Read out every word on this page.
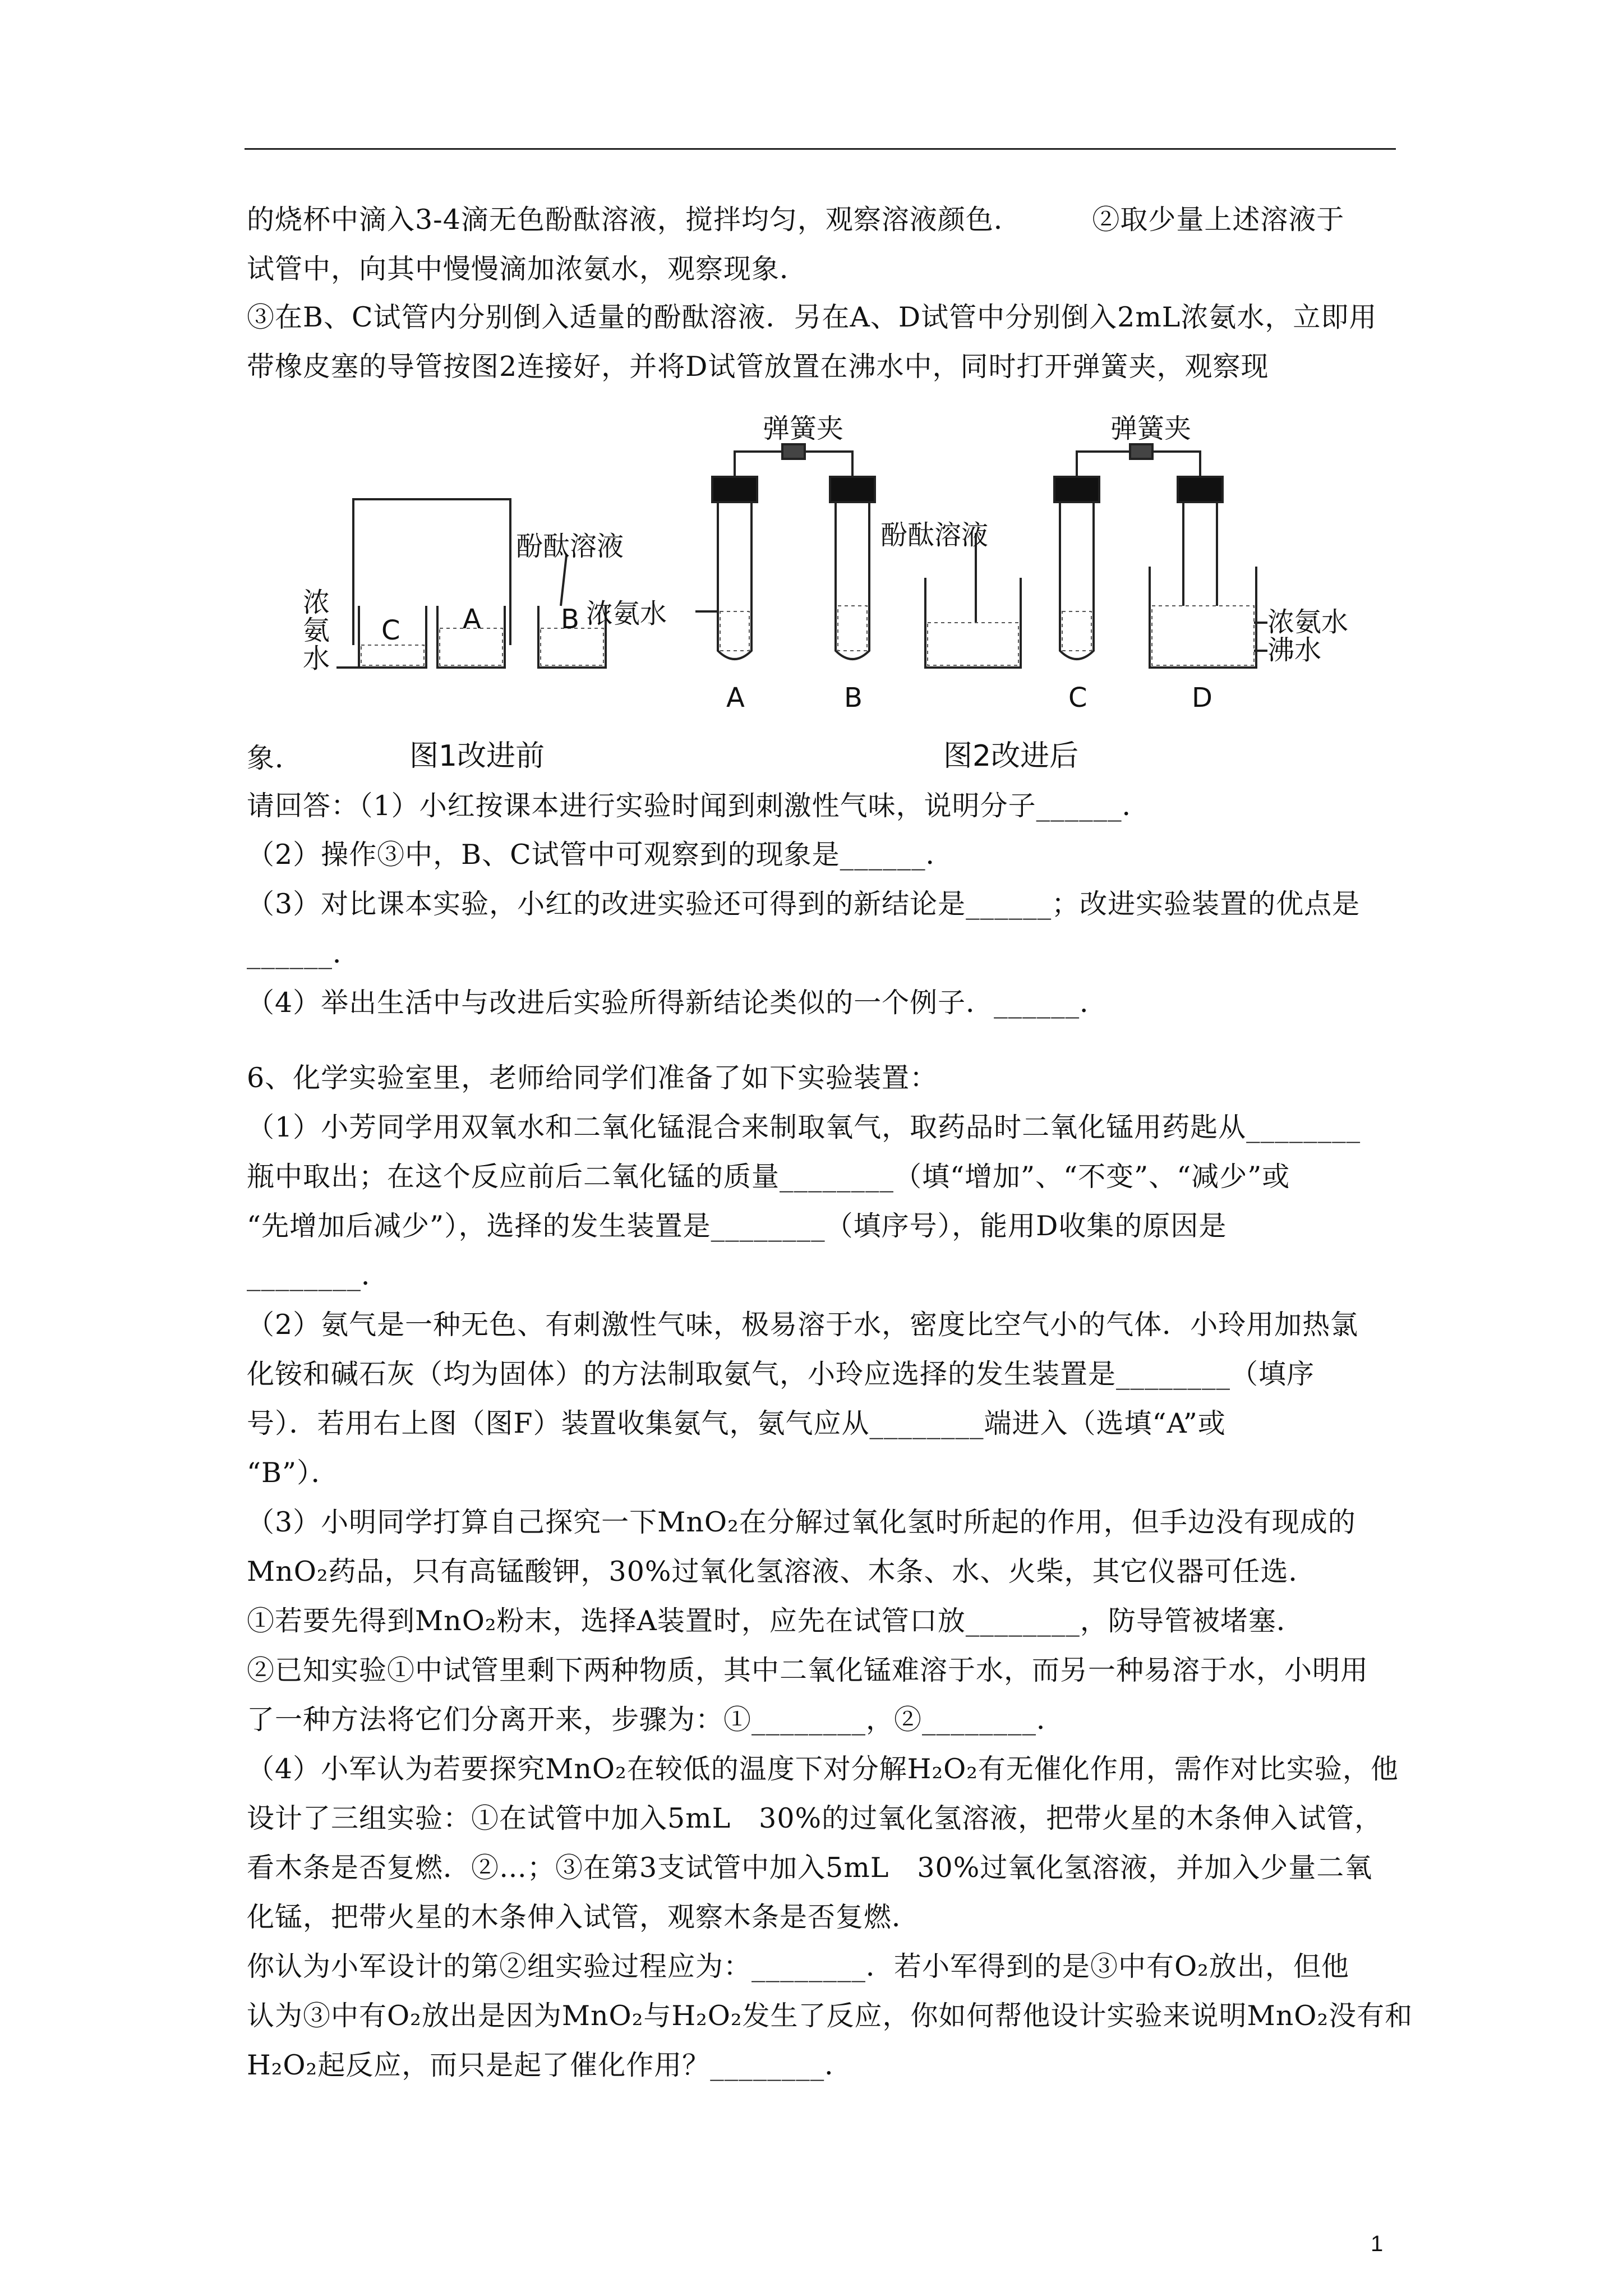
的烧杯中滴入3-4滴无色酚酞溶液，搅拌均匀，观察溶液颜色．　　　②取少量上述溶液于
试管中，向其中慢慢滴加浓氨水，观察现象．
③在B、C试管内分别倒入适量的酚酞溶液．另在A、D试管中分别倒入2mL浓氨水，立即用
带橡皮塞的导管按图2连接好，并将D试管放置在沸水中，同时打开弹簧夹，观察现
浓
氨
水
酚酞溶液
C A	B 浓氨水
酚酞溶液
弹簧夹	弹簧夹
浓氨水
沸水
A	B	C	D
象．	图1改进前	图2改进后
请回答：（1）小红按课本进行实验时闻到刺激性气味，说明分子______．
（2）操作③中，B、C试管中可观察到的现象是______．
（3）对比课本实验，小红的改进实验还可得到的新结论是______；改进实验装置的优点是
______．
（4）举出生活中与改进后实验所得新结论类似的一个例子．______．
6、化学实验室里，老师给同学们准备了如下实验装置：
（1）小芳同学用双氧水和二氧化锰混合来制取氧气，取药品时二氧化锰用药匙从________
瓶中取出；在这个反应前后二氧化锰的质量________（填“增加”、“不变”、“减少”或
“先增加后减少”），选择的发生装置是________（填序号），能用D收集的原因是
________．
（2）氨气是一种无色、有刺激性气味，极易溶于水，密度比空气小的气体．小玲用加热氯
化铵和碱石灰（均为固体）的方法制取氨气，小玲应选择的发生装置是________（填序
号）．若用右上图（图F）装置收集氨气，氨气应从________端进入（选填“A”或
“B”）．
（3）小明同学打算自己探究一下MnO₂在分解过氧化氢时所起的作用，但手边没有现成的
MnO₂药品，只有高锰酸钾，30%过氧化氢溶液、木条、水、火柴，其它仪器可任选．
①若要先得到MnO₂粉末，选择A装置时，应先在试管口放________，防导管被堵塞．
②已知实验①中试管里剩下两种物质，其中二氧化锰难溶于水，而另一种易溶于水，小明用
了一种方法将它们分离开来，步骤为：①________，②________．
（4）小军认为若要探究MnO₂在较低的温度下对分解H₂O₂有无催化作用，需作对比实验，他
设计了三组实验：①在试管中加入5mL　30%的过氧化氢溶液，把带火星的木条伸入试管，
看木条是否复燃．②…；③在第3支试管中加入5mL　30%过氧化氢溶液，并加入少量二氧
化锰，把带火星的木条伸入试管，观察木条是否复燃．
你认为小军设计的第②组实验过程应为：________．若小军得到的是③中有O₂放出，但他
认为③中有O₂放出是因为MnO₂与H₂O₂发生了反应，你如何帮他设计实验来说明MnO₂没有和
H₂O₂起反应，而只是起了催化作用？________．
1
